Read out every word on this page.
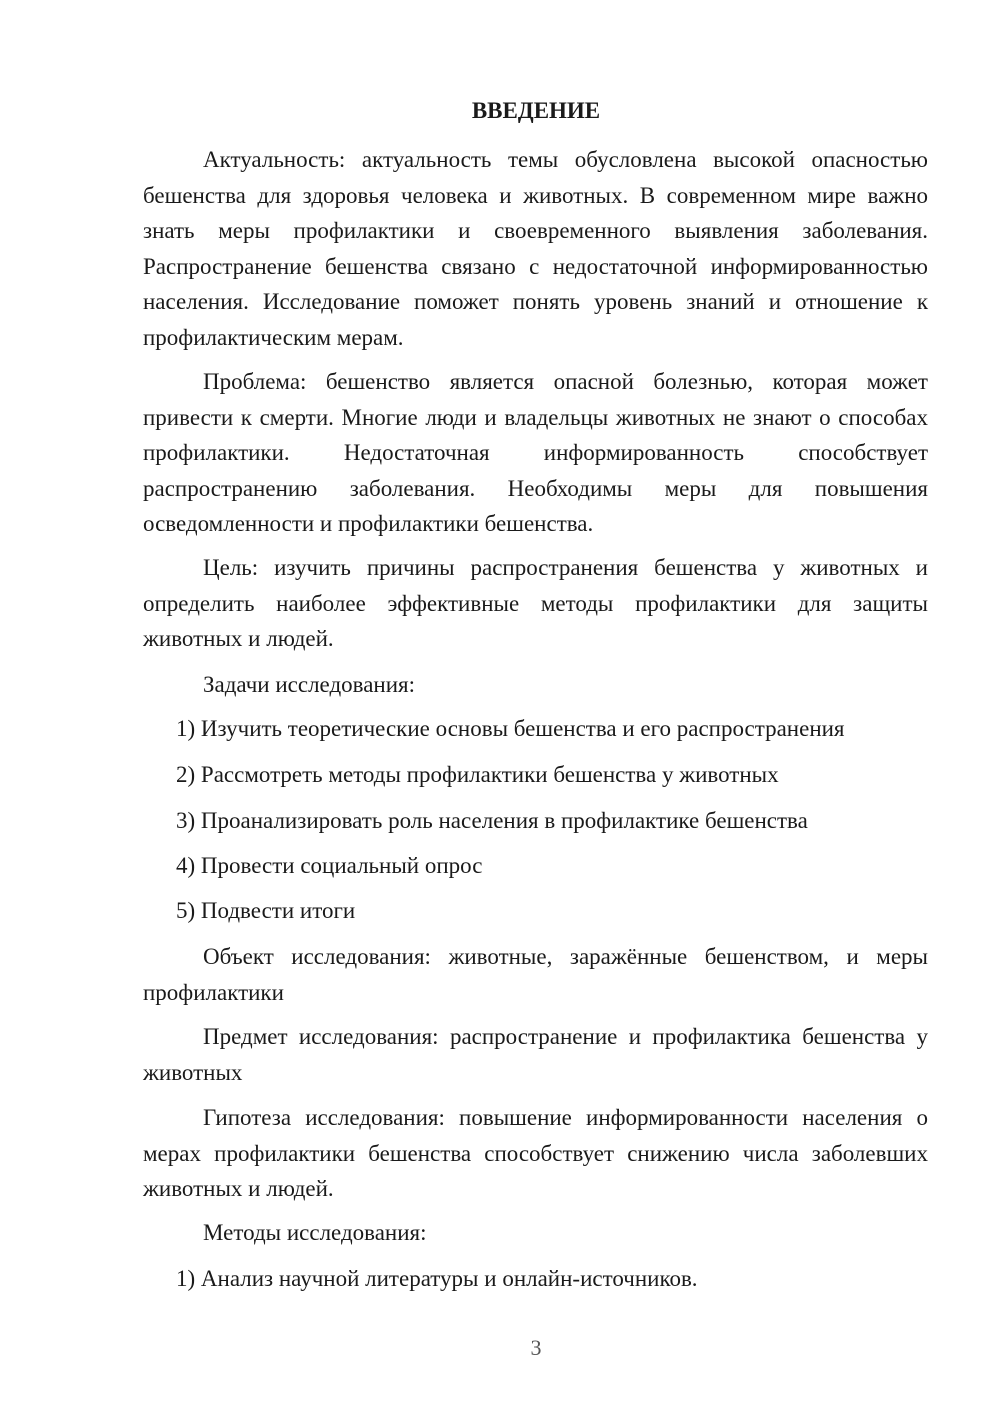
ВВЕДЕНИЕ

Актуальность: актуальность темы обусловлена высокой опасностью бешенства для здоровья человека и животных. В современном мире важно знать меры профилактики и своевременного выявления заболевания. Распространение бешенства связано с недостаточной информированностью населения. Исследование поможет понять уровень знаний и отношение к профилактическим мерам.

Проблема: бешенство является опасной болезнью, которая может привести к смерти. Многие люди и владельцы животных не знают о способах профилактики. Недостаточная информированность способствует распространению заболевания. Необходимы меры для повышения осведомленности и профилактики бешенства.

Цель: изучить причины распространения бешенства у животных и определить наиболее эффективные методы профилактики для защиты животных и людей.

Задачи исследования:

1) Изучить теоретические основы бешенства и его распространения

2) Рассмотреть методы профилактики бешенства у животных

3) Проанализировать роль населения в профилактике бешенства

4) Провести социальный опрос

5) Подвести итоги

Объект исследования: животные, заражённые бешенством, и меры профилактики

Предмет исследования: распространение и профилактика бешенства у животных

Гипотеза исследования: повышение информированности населения о мерах профилактики бешенства способствует снижению числа заболевших животных и людей.

Методы исследования:

1) Анализ научной литературы и онлайн-источников.

3
